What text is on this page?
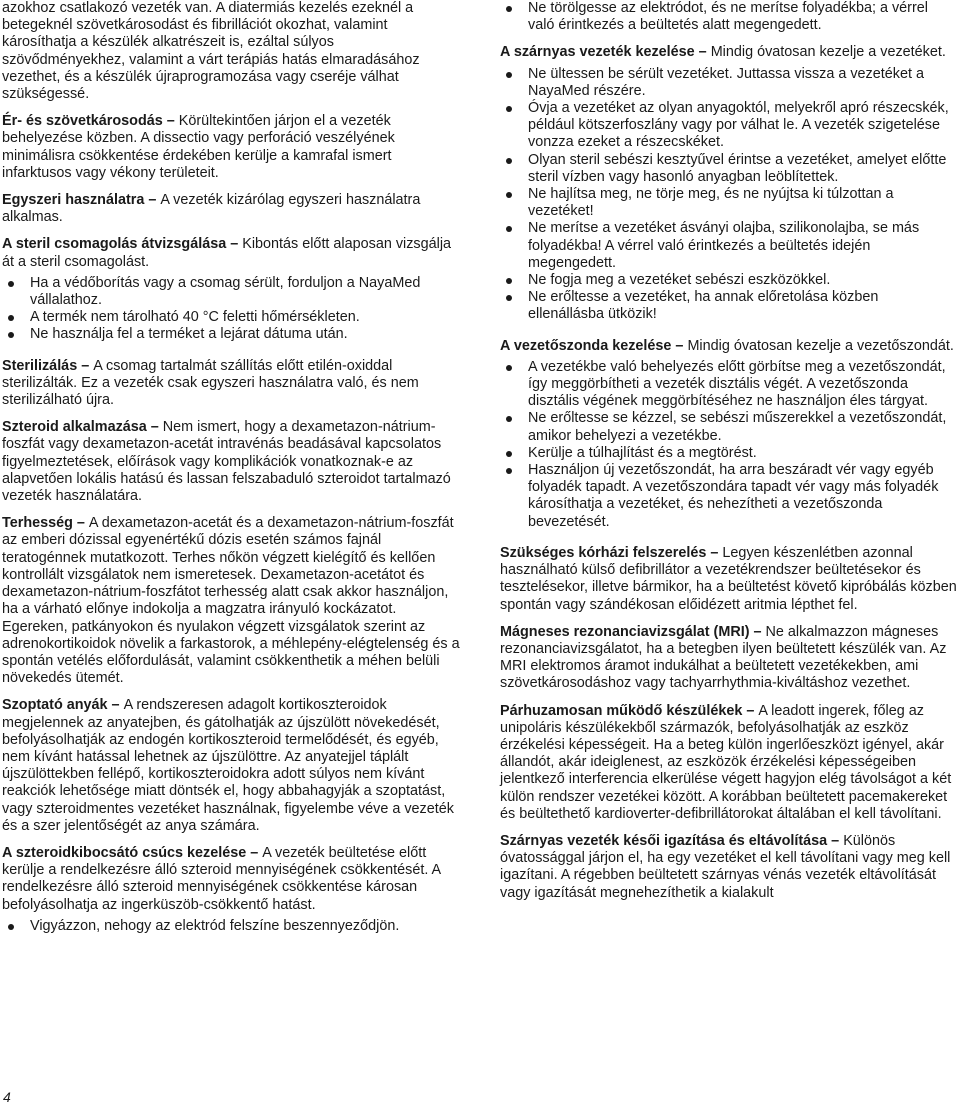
azokhoz csatlakozó vezeték van. A diatermiás kezelés ezeknél a betegeknél szövetkárosodást és fibrillációt okozhat, valamint károsíthatja a készülék alkatrészeit is, ezáltal súlyos szövődményekhez, valamint a várt terápiás hatás elmaradásához vezethet, és a készülék újraprogramozása vagy cseréje válhat szükségessé.

Ér- és szövetkárosodás – Körültekintően járjon el a vezeték behelyezése közben. A dissectio vagy perforáció veszélyének minimálisra csökkentése érdekében kerülje a kamrafal ismert infarktusos vagy vékony területeit.

Egyszeri használatra – A vezeték kizárólag egyszeri használatra alkalmas.

A steril csomagolás átvizsgálása – Kibontás előtt alaposan vizsgálja át a steril csomagolást.

Ha a védőborítás vagy a csomag sérült, forduljon a NayaMed vállalathoz.
A termék nem tárolható 40 °C feletti hőmérsékleten.
Ne használja fel a terméket a lejárat dátuma után.

Sterilizálás – A csomag tartalmát szállítás előtt etilén-oxiddal sterilizálták. Ez a vezeték csak egyszeri használatra való, és nem sterilizálható újra.

Szteroid alkalmazása – Nem ismert, hogy a dexametazon-nátrium-foszfát vagy dexametazon-acetát intravénás beadásával kapcsolatos figyelmeztetések, előírások vagy komplikációk vonatkoznak-e az alapvetően lokális hatású és lassan felszabaduló szteroidot tartalmazó vezeték használatára.

Terhesség – A dexametazon-acetát és a dexametazon-nátrium-foszfát az emberi dózissal egyenértékű dózis esetén számos fajnál teratogénnek mutatkozott. Terhes nőkön végzett kielégítő és kellően kontrollált vizsgálatok nem ismeretesek. Dexametazon-acetátot és dexametazon-nátrium-foszfátot terhesség alatt csak akkor használjon, ha a várható előnye indokolja a magzatra irányuló kockázatot. Egereken, patkányokon és nyulakon végzett vizsgálatok szerint az adrenokortikoidok növelik a farkastorok, a méhlepény-elégtelenség és a spontán vetélés előfordulását, valamint csökkenthetik a méhen belüli növekedés ütemét.

Szoptató anyák – A rendszeresen adagolt kortikoszteroidok megjelennek az anyatejben, és gátolhatják az újszülött növekedését, befolyásolhatják az endogén kortikoszteroid termelődését, és egyéb, nem kívánt hatással lehetnek az újszülöttre. Az anyatejjel táplált újszülöttekben fellépő, kortikoszteroidokra adott súlyos nem kívánt reakciók lehetősége miatt döntsék el, hogy abbahagyják a szoptatást, vagy szteroidmentes vezetéket használnak, figyelembe véve a vezeték és a szer jelentőségét az anya számára.

A szteroidkibocsátó csúcs kezelése – A vezeték beültetése előtt kerülje a rendelkezésre álló szteroid mennyiségének csökkentését. A rendelkezésre álló szteroid mennyiségének csökkentése károsan befolyásolhatja az ingerküszöb-csökkentő hatást.

Vigyázzon, nehogy az elektród felszíne beszennyeződjön.
Ne törölgesse az elektródot, és ne merítse folyadékba; a vérrel való érintkezés a beültetés alatt megengedett.

A szárnyas vezeték kezelése – Mindig óvatosan kezelje a vezetéket.

Ne ültessen be sérült vezetéket. Juttassa vissza a vezetéket a NayaMed részére.
Óvja a vezetéket az olyan anyagoktól, melyekről apró részecskék, például kötszerfoszlány vagy por válhat le. A vezeték szigetelése vonzza ezeket a részecskéket.
Olyan steril sebészi kesztyűvel érintse a vezetéket, amelyet előtte steril vízben vagy hasonló anyagban leöblítettek.
Ne hajlítsa meg, ne törje meg, és ne nyújtsa ki túlzottan a vezetéket!
Ne merítse a vezetéket ásványi olajba, szilikonolajba, se más folyadékba! A vérrel való érintkezés a beültetés idején megengedett.
Ne fogja meg a vezetéket sebészi eszközökkel.
Ne erőltesse a vezetéket, ha annak előretolása közben ellenállásba ütközik!

A vezetőszonda kezelése – Mindig óvatosan kezelje a vezetőszondát.

A vezetékbe való behelyezés előtt görbítse meg a vezetőszondát, így meggörbítheti a vezeték disztális végét. A vezetőszonda disztális végének meggörbítéséhez ne használjon éles tárgyat.
Ne erőltesse se kézzel, se sebészi műszerekkel a vezetőszondát, amikor behelyezi a vezetékbe.
Kerülje a túlhajlítást és a megtörést.
Használjon új vezetőszondát, ha arra beszáradt vér vagy egyéb folyadék tapadt. A vezetőszondára tapadt vér vagy más folyadék károsíthatja a vezetéket, és nehezítheti a vezetőszonda bevezetését.

Szükséges kórházi felszerelés – Legyen készenlétben azonnal használható külső defibrillátor a vezetékrendszer beültetésekor és tesztelésekor, illetve bármikor, ha a beültetést követő kipróbálás közben spontán vagy szándékosan előidézett aritmia lépthet fel.

Mágneses rezonanciavizsgálat (MRI) – Ne alkalmazzon mágneses rezonanciavizsgálatot, ha a betegben ilyen beültetett készülék van. Az MRI elektromos áramot indukálhat a beültetett vezetékekben, ami szövetkárosodáshoz vagy tachyarrhythmia-kiváltáshoz vezethet.

Párhuzamosan működő készülékek – A leadott ingerek, főleg az unipoláris készülékekből származók, befolyásolhatják az eszköz érzékelési képességeit. Ha a beteg külön ingerlőeszközt igényel, akár állandót, akár ideiglenest, az eszközök érzékelési képességeiben jelentkező interferencia elkerülése végett hagyjon elég távolságot a két külön rendszer vezetékei között. A korábban beültetett pacemakereket és beültethető kardioverter-defibrillátorokat általában el kell távolítani.

Szárnyas vezeték késői igazítása és eltávolítása – Különös óvatossággal járjon el, ha egy vezetéket el kell távolítani vagy meg kell igazítani. A régebben beültetett szárnyas vénás vezeték eltávolítását vagy igazítását megnehezíthetik a kialakult

4
